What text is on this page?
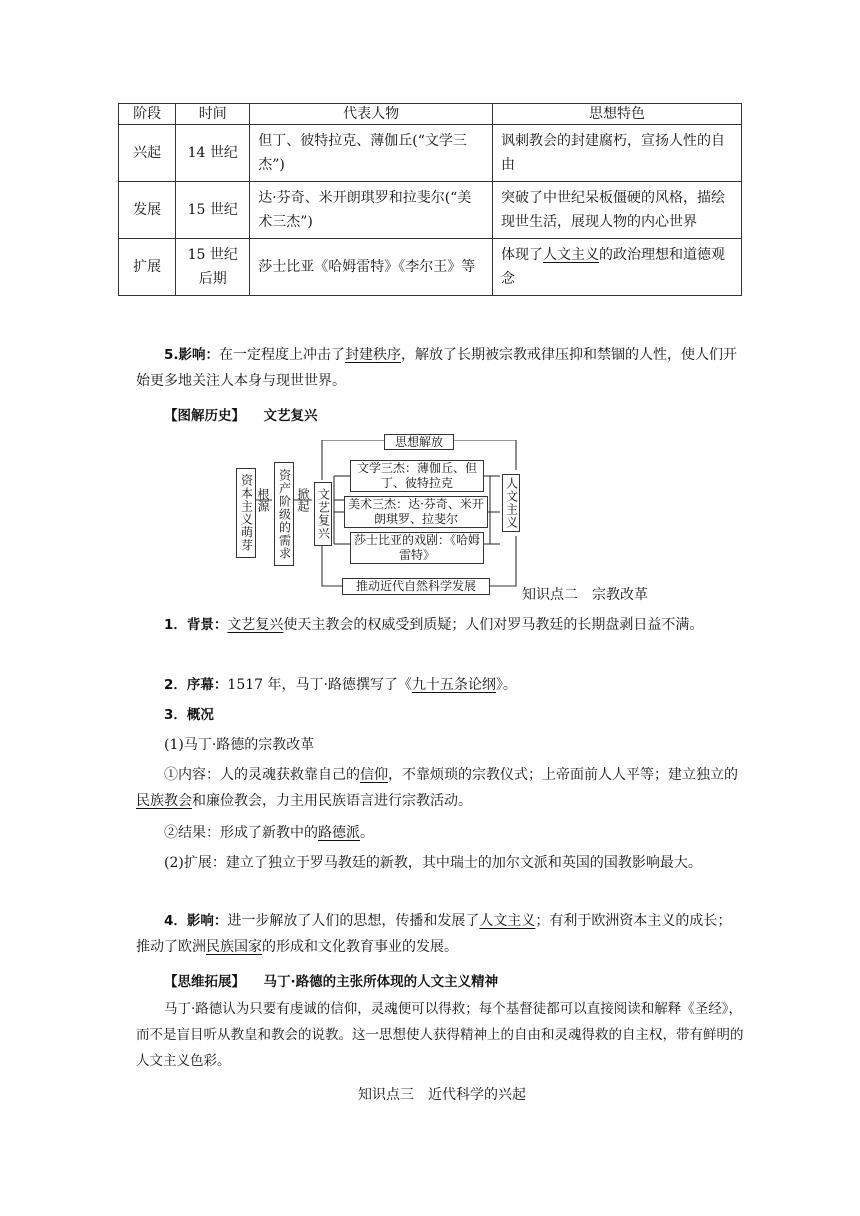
阶段	时间	代表人物	思想特色
兴起	14 世纪	但丁、彼特拉克、薄伽丘(“文学三杰”)	讽刺教会的封建腐朽，宣扬人性的自由
发展	15 世纪	达·芬奇、米开朗琪罗和拉斐尔(“美术三杰”)	突破了中世纪呆板僵硬的风格，描绘现世生活，展现人物的内心世界
扩展	15 世纪后期	莎士比亚《哈姆雷特》《李尔王》等	体现了人文主义的政治理想和道德观念

5.影响：在一定程度上冲击了封建秩序，解放了长期被宗教戒律压抑和禁锢的人性，使人们开始更多地关注人本身与现世世界。

【图解历史】 文艺复兴
资本主义萌芽 根源 资产阶级的需求 掀起 文艺复兴
思想解放
文学三杰：薄伽丘、但丁、彼特拉克
美术三杰：达·芬奇、米开朗琪罗、拉斐尔
莎士比亚的戏剧：《哈姆雷特》
人文主义
推动近代自然科学发展
知识点二　宗教改革

1．背景：文艺复兴使天主教会的权威受到质疑；人们对罗马教廷的长期盘剥日益不满。

2．序幕：1517 年，马丁·路德撰写了《九十五条论纲》。

3．概况

(1)马丁·路德的宗教改革

①内容：人的灵魂获救靠自己的信仰，不靠烦琐的宗教仪式；上帝面前人人平等；建立独立的民族教会和廉俭教会，力主用民族语言进行宗教活动。

②结果：形成了新教中的路德派。

(2)扩展：建立了独立于罗马教廷的新教，其中瑞士的加尔文派和英国的国教影响最大。

4．影响：进一步解放了人们的思想，传播和发展了人文主义；有利于欧洲资本主义的成长；推动了欧洲民族国家的形成和文化教育事业的发展。

【思维拓展】 马丁·路德的主张所体现的人文主义精神

马丁·路德认为只要有虔诚的信仰，灵魂便可以得救；每个基督徒都可以直接阅读和解释《圣经》，而不是盲目听从教皇和教会的说教。这一思想使人获得精神上的自由和灵魂得救的自主权，带有鲜明的人文主义色彩。

知识点三　近代科学的兴起
